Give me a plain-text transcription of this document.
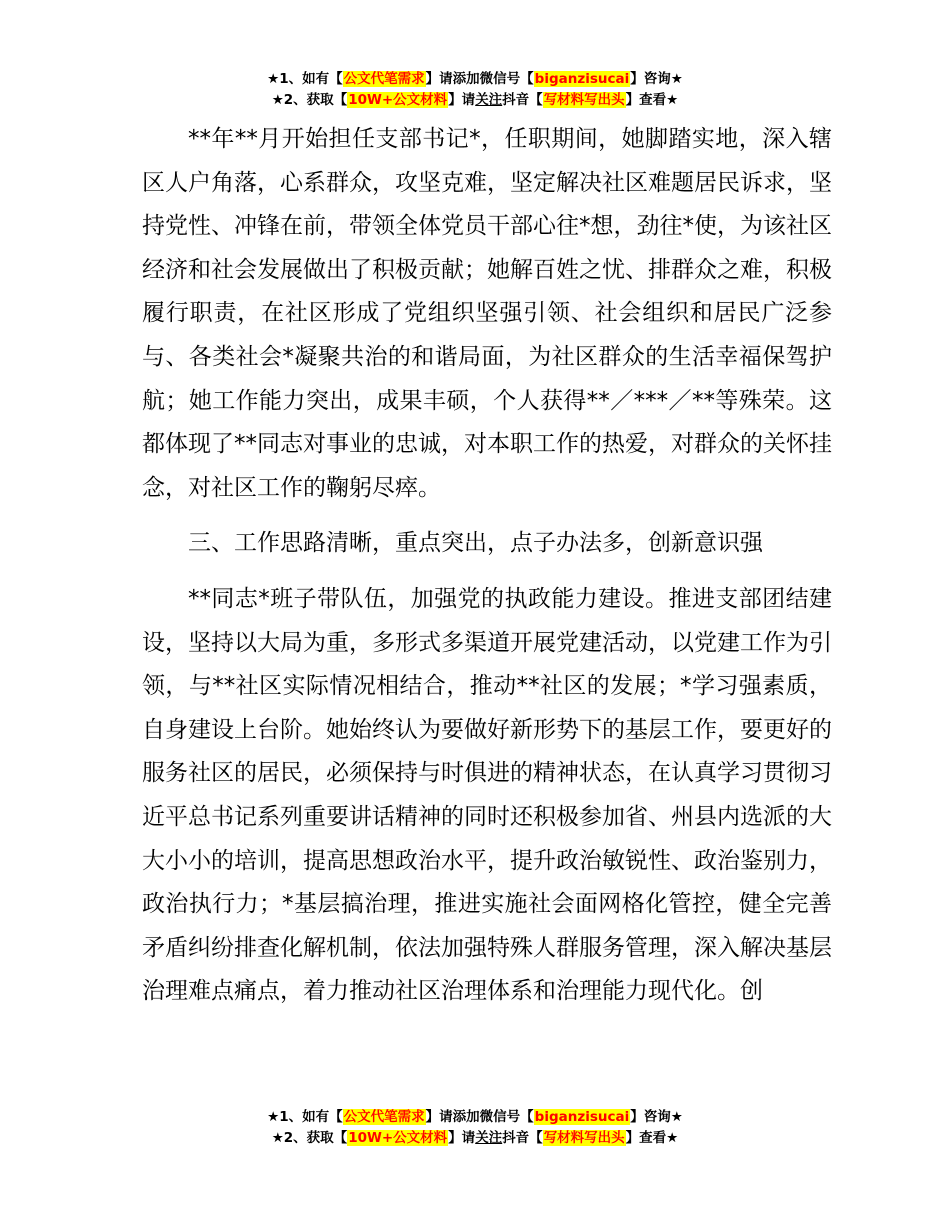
★1、如有【公文代笔需求】请添加微信号【biganzisucai】咨询★
★2、获取【10W+公文材料】请关注抖音【写材料写出头】查看★

**年**月开始担任支部书记*，任职期间，她脚踏实地，深入辖区人户角落，心系群众，攻坚克难，坚定解决社区难题居民诉求，坚持党性、冲锋在前，带领全体党员干部心往*想，劲往*使，为该社区经济和社会发展做出了积极贡献；她解百姓之忧、排群众之难，积极履行职责，在社区形成了党组织坚强引领、社会组织和居民广泛参与、各类社会*凝聚共治的和谐局面，为社区群众的生活幸福保驾护航；她工作能力突出，成果丰硕，个人获得**／***／**等殊荣。这都体现了**同志对事业的忠诚，对本职工作的热爱，对群众的关怀挂念，对社区工作的鞠躬尽瘁。

三、工作思路清晰，重点突出，点子办法多，创新意识强

**同志*班子带队伍，加强党的执政能力建设。推进支部团结建设，坚持以大局为重，多形式多渠道开展党建活动，以党建工作为引领，与**社区实际情况相结合，推动**社区的发展；*学习强素质，自身建设上台阶。她始终认为要做好新形势下的基层工作，要更好的服务社区的居民，必须保持与时俱进的精神状态，在认真学习贯彻习近平总书记系列重要讲话精神的同时还积极参加省、州县内选派的大大小小的培训，提高思想政治水平，提升政治敏锐性、政治鉴别力，政治执行力；*基层搞治理，推进实施社会面网格化管控，健全完善矛盾纠纷排查化解机制，依法加强特殊人群服务管理，深入解决基层治理难点痛点，着力推动社区治理体系和治理能力现代化。创

★1、如有【公文代笔需求】请添加微信号【biganzisucai】咨询★
★2、获取【10W+公文材料】请关注抖音【写材料写出头】查看★
